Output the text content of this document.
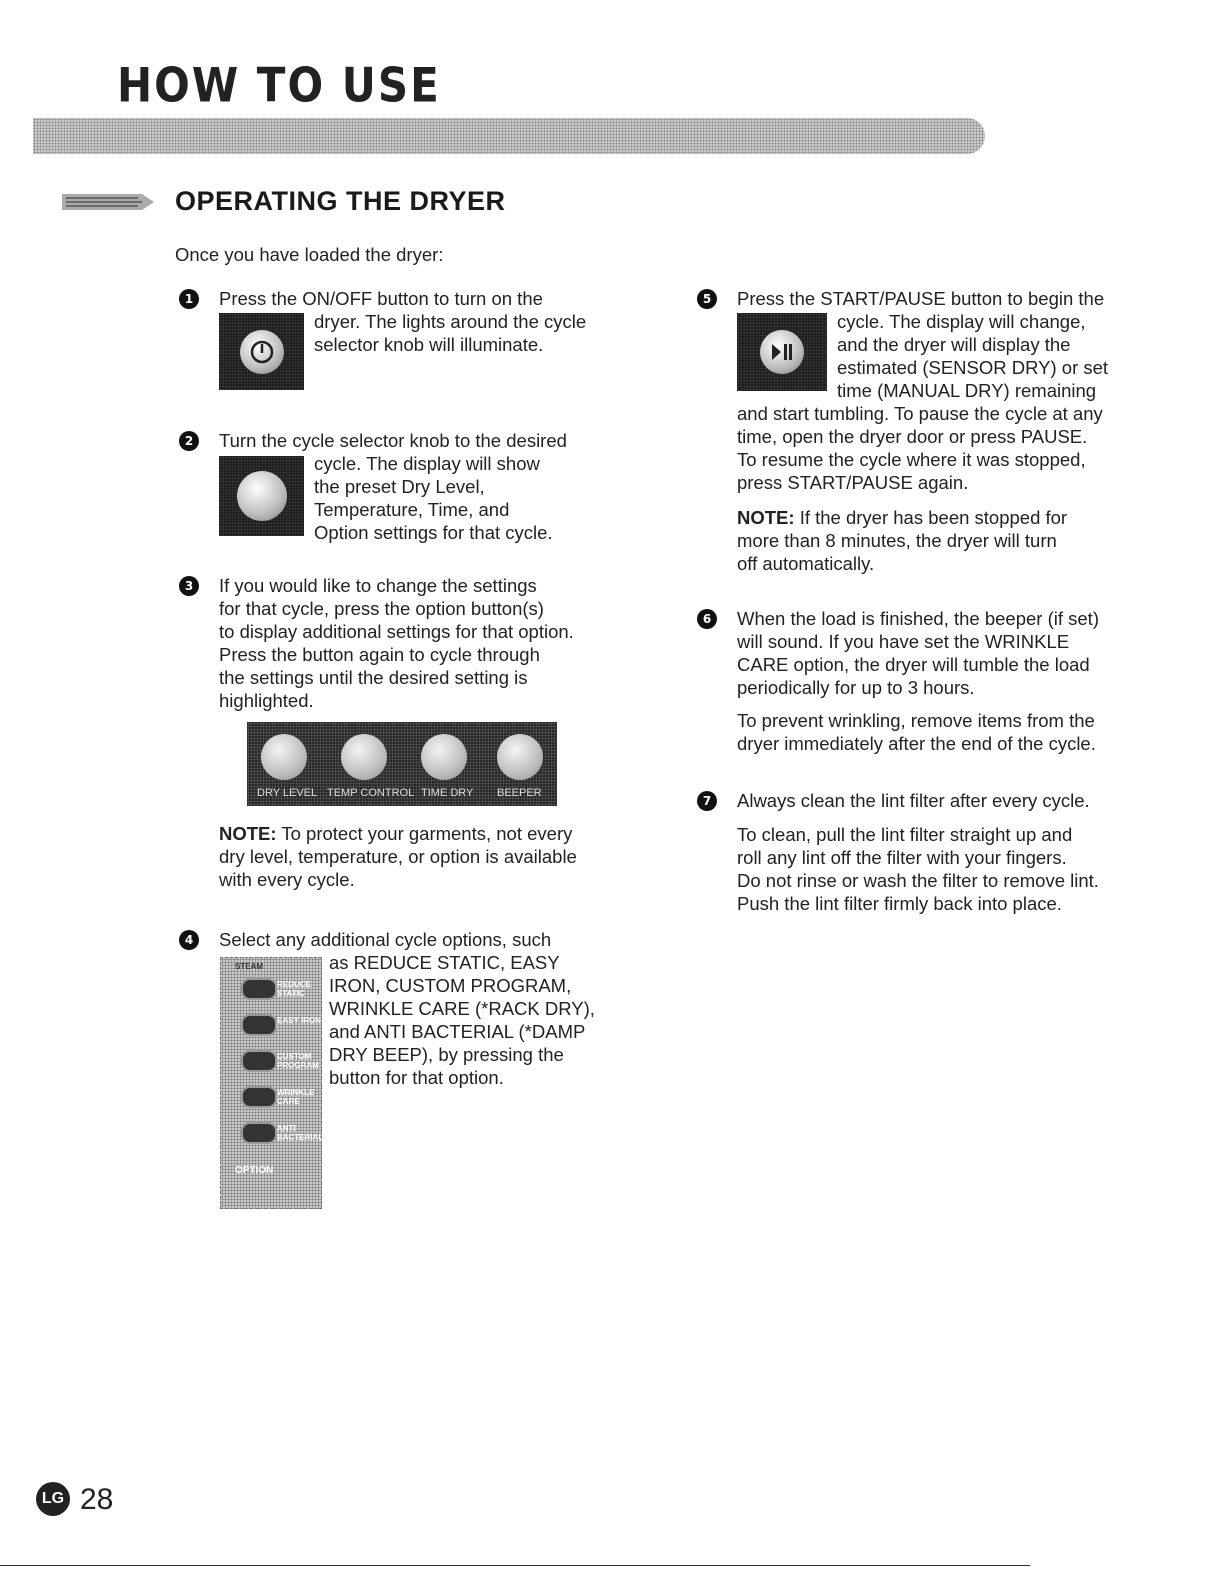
HOW TO USE
OPERATING THE DRYER
Once you have loaded the dryer:
1	Press the ON/OFF button to turn on the
dryer. The lights around the cycle
selector knob will illuminate.
2	Turn the cycle selector knob to the desired
cycle. The display will show
the preset Dry Level,
Temperature, Time, and
Option settings for that cycle.
3	If you would like to change the settings
for that cycle, press the option button(s)
to display additional settings for that option.
Press the button again to cycle through
the settings until the desired setting is
highlighted.
DRY LEVEL TEMP CONTROL TIME DRY BEEPER
NOTE: To protect your garments, not every
dry level, temperature, or option is available
with every cycle.
4	Select any additional cycle options, such
as REDUCE STATIC, EASY
IRON, CUSTOM PROGRAM,
WRINKLE CARE (*RACK DRY),
and ANTI BACTERIAL (*DAMP
DRY BEEP), by pressing the
button for that option.
STEAM
REDUCE STATIC
EASY IRON
CUSTOM PROGRAM
WRINKLE CARE
ANTI BACTERIAL
OPTION
5	Press the START/PAUSE button to begin the
cycle. The display will change,
and the dryer will display the
estimated (SENSOR DRY) or set
time (MANUAL DRY) remaining
and start tumbling. To pause the cycle at any
time, open the dryer door or press PAUSE.
To resume the cycle where it was stopped,
press START/PAUSE again.
NOTE: If the dryer has been stopped for
more than 8 minutes, the dryer will turn
off automatically.
6	When the load is finished, the beeper (if set)
will sound. If you have set the WRINKLE
CARE option, the dryer will tumble the load
periodically for up to 3 hours.
To prevent wrinkling, remove items from the
dryer immediately after the end of the cycle.
7	Always clean the lint filter after every cycle.
To clean, pull the lint filter straight up and
roll any lint off the filter with your fingers.
Do not rinse or wash the filter to remove lint.
Push the lint filter firmly back into place.
LG 28
